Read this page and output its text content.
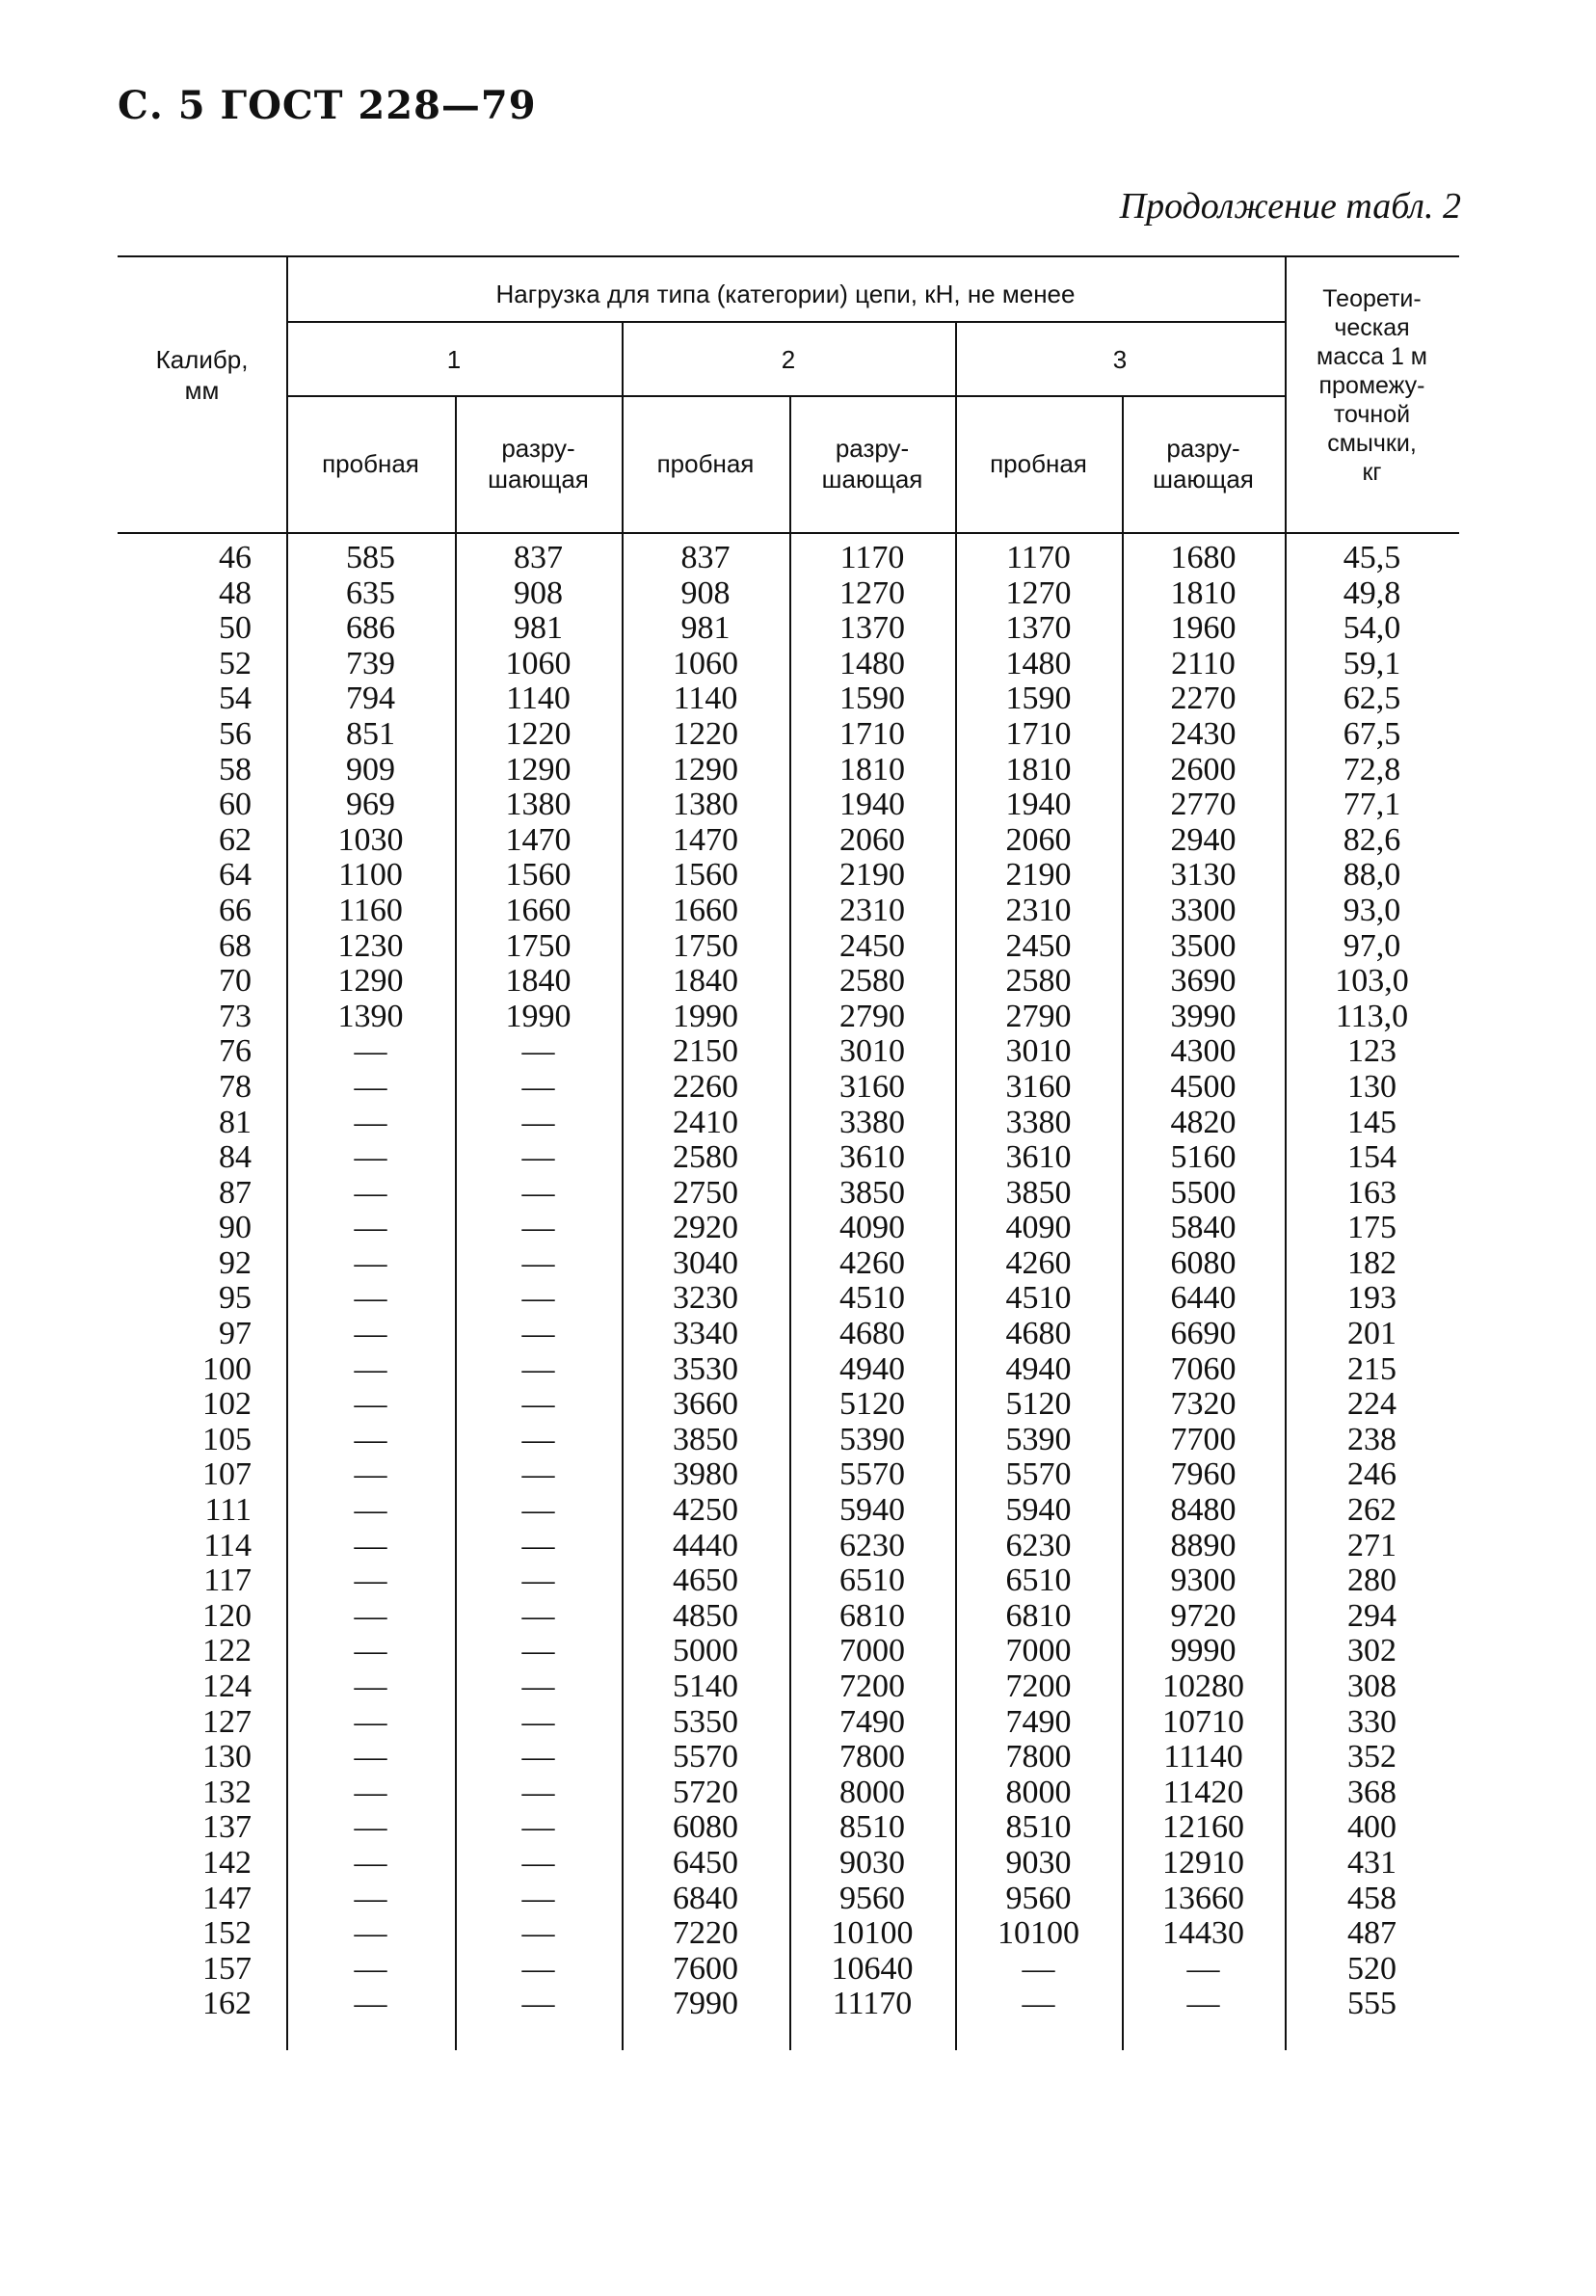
С. 5 ГОСТ 228—79
Продолжение табл. 2
Калибр,
мм
Нагрузка для типа (категории) цепи, кН, не менее
1	2	3
пробная
разру-
шающая
пробная
разру-
шающая
пробная
разру-
шающая
Теорети-
ческая
масса 1 м
промежу-
точной
смычки,
кг
46
48
50
52
54
56
58
60
62
64
66
68
70
73
76
78
81
84
87
90
92
95
97
100
102
105
107
111
114
117
120
122
124
127
130
132
137
142
147
152
157
162
585
635
686
739
794
851
909
969
1030
1100
1160
1230
1290
1390
—
—
—
—
—
—
—
—
—
—
—
—
—
—
—
—
—
—
—
—
—
—
—
—
—
—
—
—
837
908
981
1060
1140
1220
1290
1380
1470
1560
1660
1750
1840
1990
—
—
—
—
—
—
—
—
—
—
—
—
—
—
—
—
—
—
—
—
—
—
—
—
—
—
—
—
837
908
981
1060
1140
1220
1290
1380
1470
1560
1660
1750
1840
1990
2150
2260
2410
2580
2750
2920
3040
3230
3340
3530
3660
3850
3980
4250
4440
4650
4850
5000
5140
5350
5570
5720
6080
6450
6840
7220
7600
7990
1170
1270
1370
1480
1590
1710
1810
1940
2060
2190
2310
2450
2580
2790
3010
3160
3380
3610
3850
4090
4260
4510
4680
4940
5120
5390
5570
5940
6230
6510
6810
7000
7200
7490
7800
8000
8510
9030
9560
10100
10640
11170
1170
1270
1370
1480
1590
1710
1810
1940
2060
2190
2310
2450
2580
2790
3010
3160
3380
3610
3850
4090
4260
4510
4680
4940
5120
5390
5570
5940
6230
6510
6810
7000
7200
7490
7800
8000
8510
9030
9560
10100
—
—
1680
1810
1960
2110
2270
2430
2600
2770
2940
3130
3300
3500
3690
3990
4300
4500
4820
5160
5500
5840
6080
6440
6690
7060
7320
7700
7960
8480
8890
9300
9720
9990
10280
10710
11140
11420
12160
12910
13660
14430
—
—
45,5
49,8
54,0
59,1
62,5
67,5
72,8
77,1
82,6
88,0
93,0
97,0
103,0
113,0
123
130
145
154
163
175
182
193
201
215
224
238
246
262
271
280
294
302
308
330
352
368
400
431
458
487
520
555
